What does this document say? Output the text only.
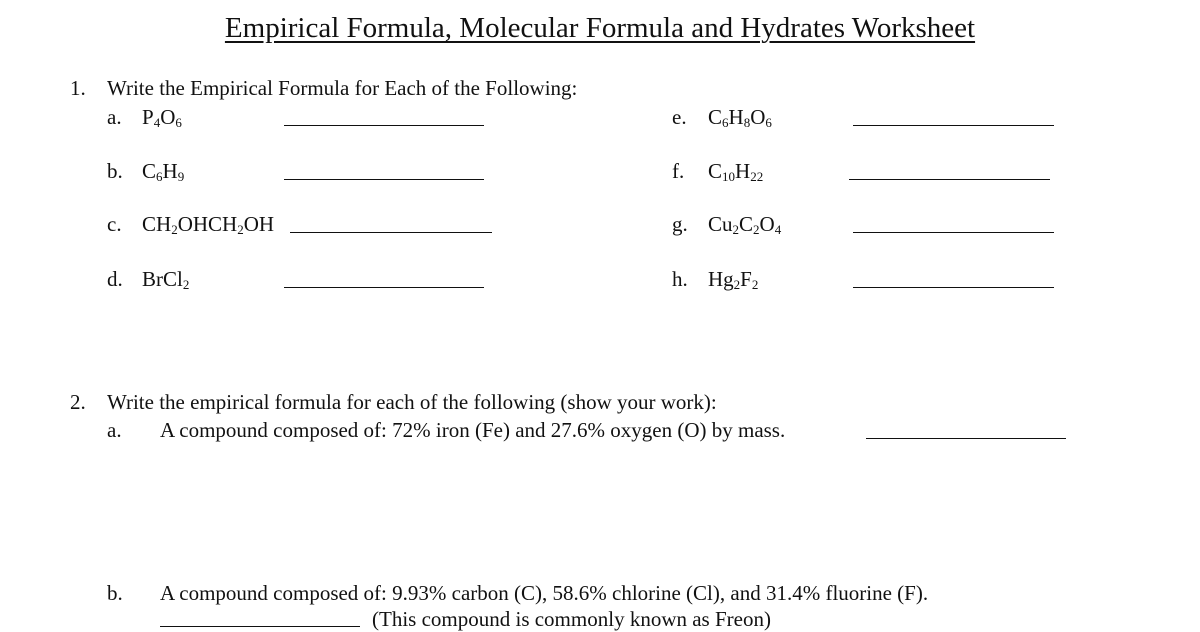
Empirical Formula, Molecular Formula and Hydrates Worksheet
1. Write the Empirical Formula for Each of the Following:
a. $P_4O_6$
b. $C_6H_9$
c. $CH_2OHCH_2OH$
d. BrCl$_2$
e. $C_6H_8O_6$
f. $C_{10}H_{22}$
g. $Cu_2C_2O_4$
h. $Hg_2F_2$
2. Write the empirical formula for each of the following (show your work):
a. A compound composed of: 72% iron (Fe) and 27.6% oxygen (O) by mass.
b. A compound composed of: 9.93% carbon (C), 58.6% chlorine (Cl), and 31.4% fluorine (F).
(This compound is commonly known as Freon)
